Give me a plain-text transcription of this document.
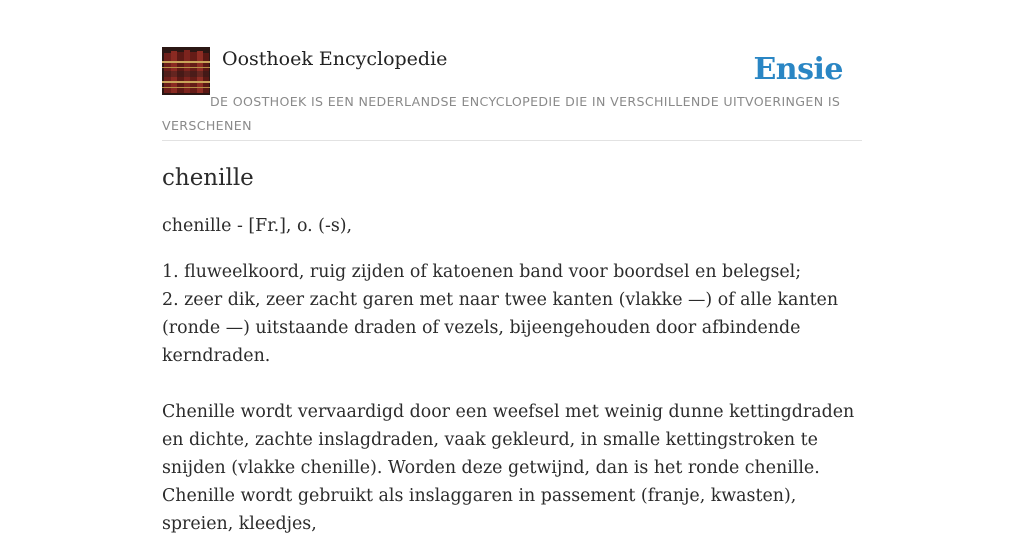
Oosthoek Encyclopedie	Ensie
DE OOSTHOEK IS EEN NEDERLANDSE ENCYCLOPEDIE DIE IN VERSCHILLENDE UITVOERINGEN IS VERSCHENEN
chenille

chenille - [Fr.], o. (-s),

1. fluweelkoord, ruig zijden of katoenen band voor boordsel en belegsel;
2. zeer dik, zeer zacht garen met naar twee kanten (vlakke —) of alle kanten (ronde —) uitstaande draden of vezels, bijeengehouden door afbindende kerndraden.

Chenille wordt vervaardigd door een weefsel met weinig dunne kettingdraden en dichte, zachte inslagdraden, vaak gekleurd, in smalle kettingstroken te snijden (vlakke chenille). Worden deze getwijnd, dan is het ronde chenille. Chenille wordt gebruikt als inslaggaren in passement (franje, kwasten), spreien, kleedjes,
